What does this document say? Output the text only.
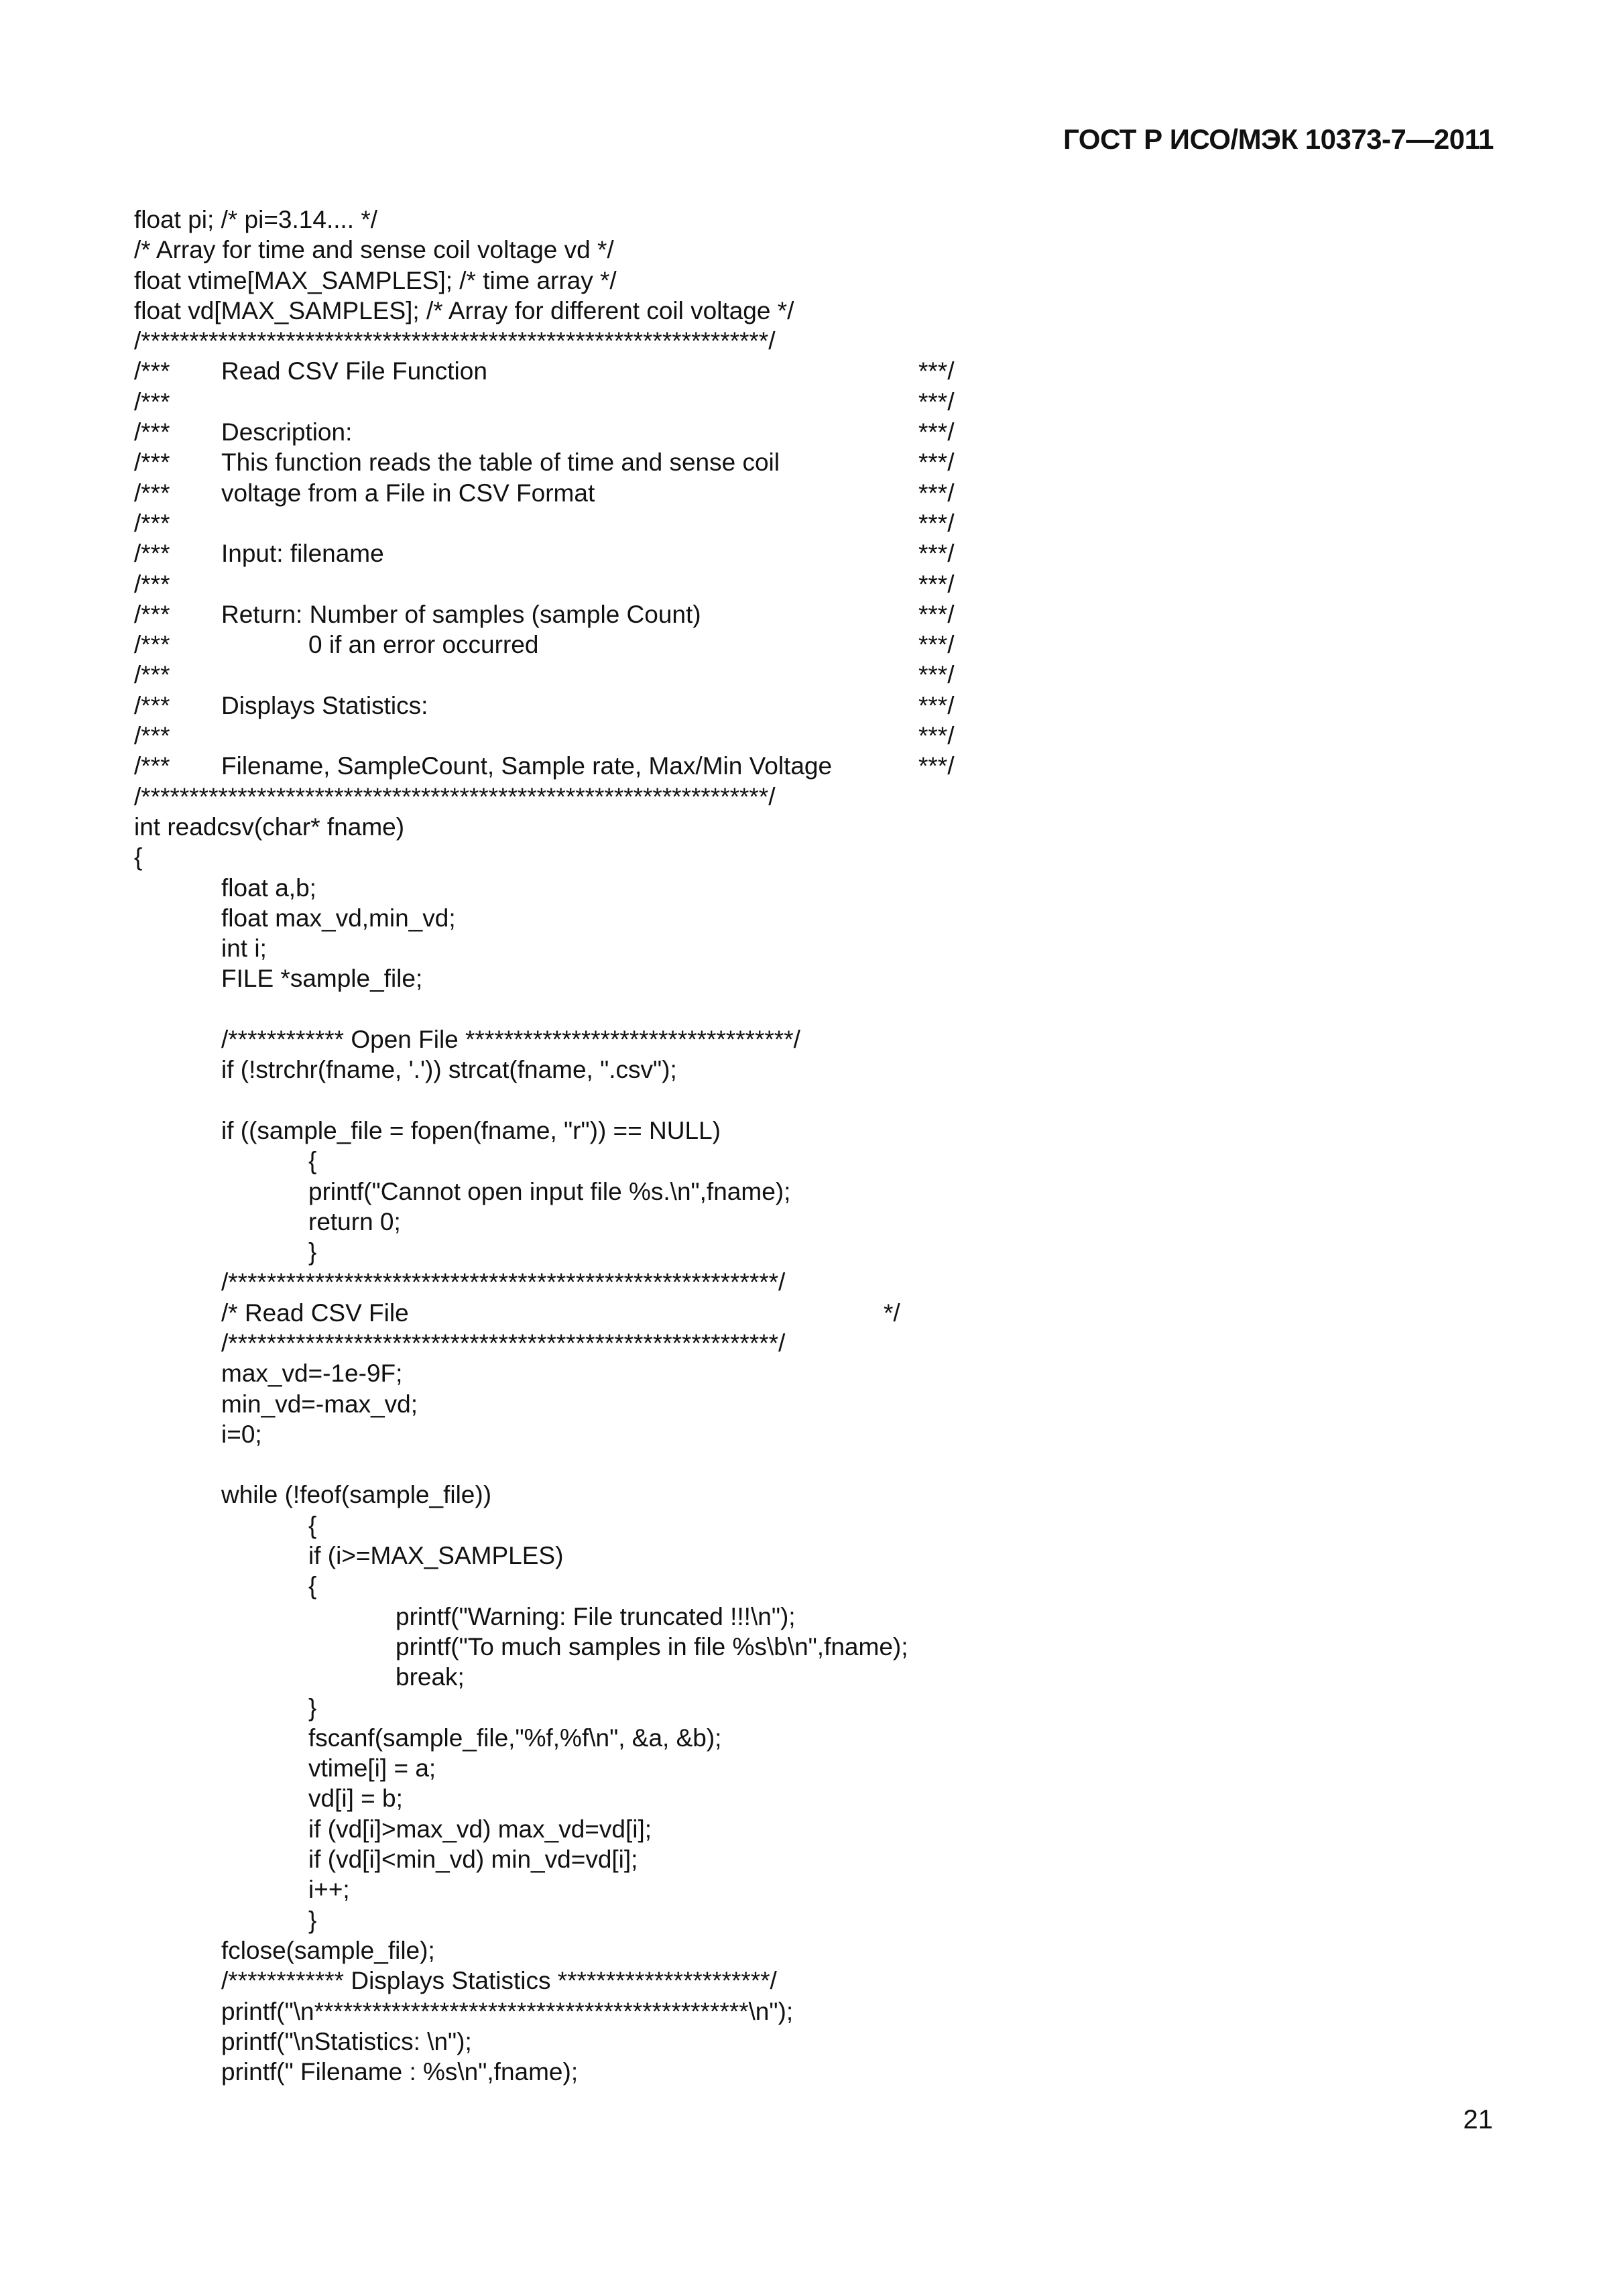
ГОСТ Р ИСО/МЭК 10373-7—2011
float pi; /* pi=3.14.... */
/* Array for time and sense coil voltage vd */
float vtime[MAX_SAMPLES]; /* time array */
float vd[MAX_SAMPLES]; /* Array for different coil voltage */
/*****************************************************************/
/*** Read CSV File Function	***/
/***	***/
/*** Description:	***/
/*** This function reads the table of time and sense coil	***/
/*** voltage from a File in CSV Format	***/
/***	***/
/*** Input: filename	***/
/***	***/
/*** Return: Number of samples (sample Count)	***/
/***	0 if an error occurred	***/
/***	***/
/*** Displays Statistics:	***/
/***	***/
/*** Filename, SampleCount, Sample rate, Max/Min Voltage	***/
/*****************************************************************/
int readcsv(char* fname)
{
float a,b;
float max_vd,min_vd;
int i;
FILE *sample_file;
/************ Open File **********************************/
if (!strchr(fname, '.')) strcat(fname, ".csv");
if ((sample_file = fopen(fname, "r")) == NULL)
{
printf("Cannot open input file %s.\n",fname);
return 0;
}
/*********************************************************/
/* Read CSV File	*/
/*********************************************************/
max_vd=-1e-9F;
min_vd=-max_vd;
i=0;
while (!feof(sample_file))
{
if (i>=MAX_SAMPLES)
{
printf("Warning: File truncated !!!\n");
printf("To much samples in file %s\b\n",fname);
break;
}
fscanf(sample_file,"%f,%f\n", &a, &b);
vtime[i] = a;
vd[i] = b;
if (vd[i]>max_vd) max_vd=vd[i];
if (vd[i]<min_vd) min_vd=vd[i];
i++;
}
fclose(sample_file);
/************ Displays Statistics **********************/
printf("\n*********************************************\n");
printf("\nStatistics: \n");
printf(" Filename : %s\n",fname);
21
